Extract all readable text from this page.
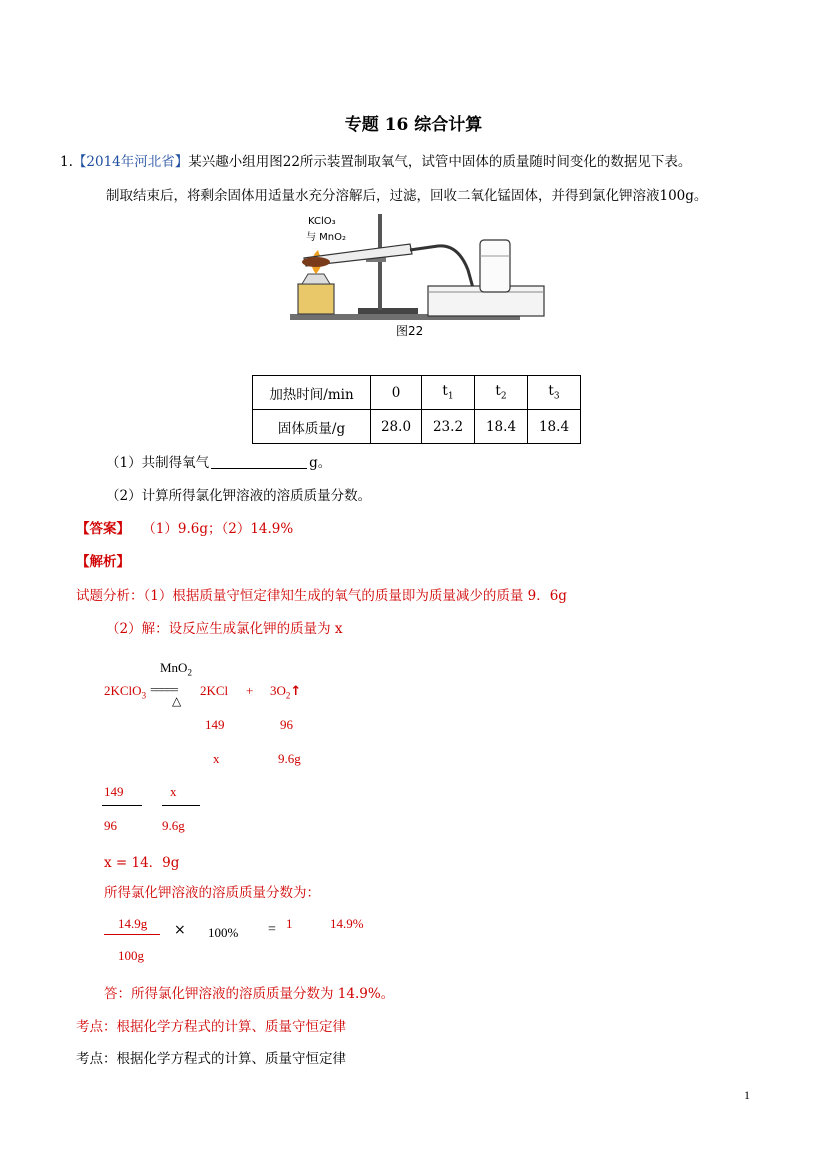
专题 16 综合计算
1.【2014年河北省】某兴趣小组用图22所示装置制取氧气，试管中固体的质量随时间变化的数据见下表。
制取结束后，将剩余固体用适量水充分溶解后，过滤，回收二氧化锰固体，并得到氯化钾溶液100g。
KClO₃
与 MnO₂
图22
加热时间/min	0	$t_1$	$t_2$	$t_3$
固体质量/g	28.0	23.2	18.4	18.4
（1）共制得氧气	g。
（2）计算所得氯化钾溶液的溶质质量分数。
【答案】 （1）9.6g；（2）14.9%
【解析】
试题分析：（1）根据质量守恒定律知生成的氧气的质量即为质量减少的质量 9．6g
（2）解：设反应生成氯化钾的质量为 x
MnO$_2$
2KClO$_3$ =====
△
$2KCl + 3O_2↑$
149	96
x	9.6g
149
96
x
9.6g
x = 14．9g
所得氯化钾溶液的溶质质量分数为：
14.9g
100g
× 100% = 1	14.9%
答：所得氯化钾溶液的溶质质量分数为 14.9%。
考点：根据化学方程式的计算、质量守恒定律
考点：根据化学方程式的计算、质量守恒定律
1
